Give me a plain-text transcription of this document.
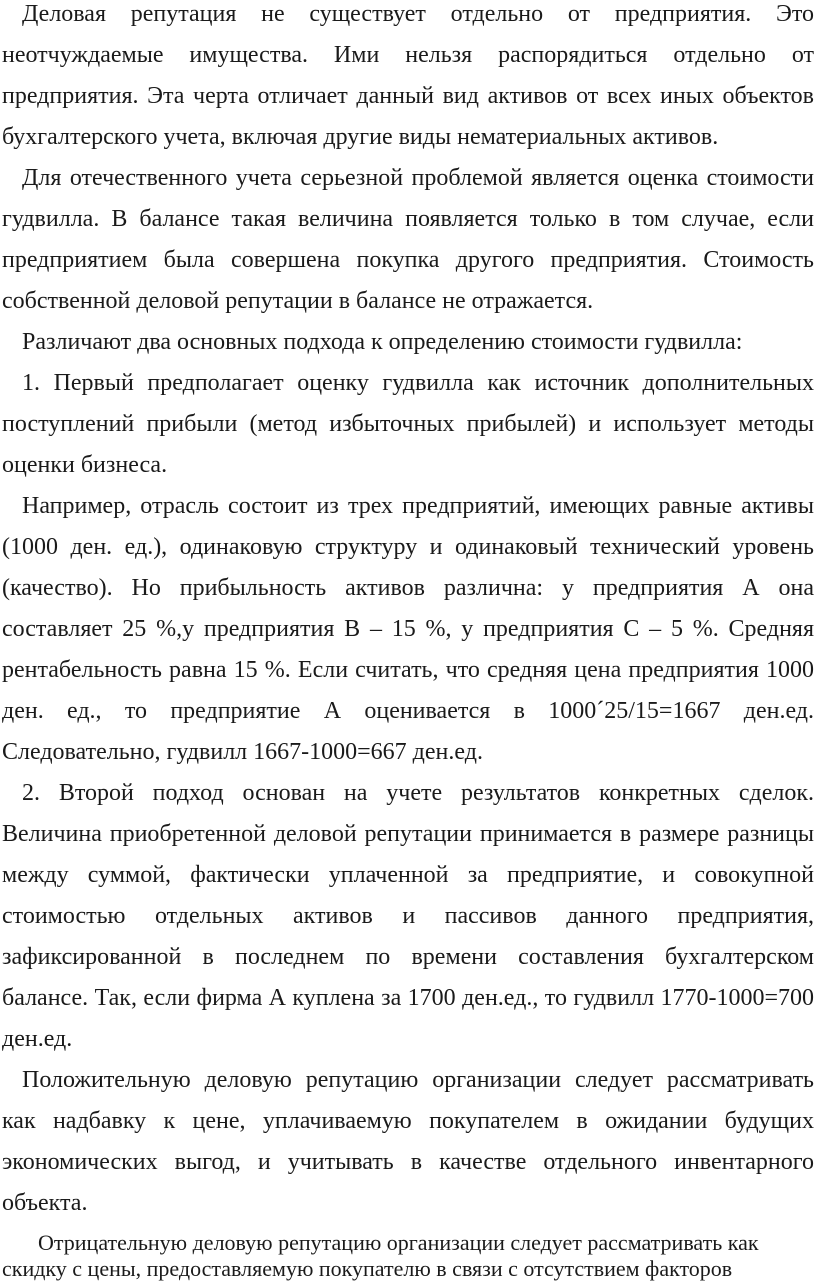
Деловая репутация не существует отдельно от предприятия. Это неотчуждаемые имущества. Ими нельзя распорядиться отдельно от предприятия. Эта черта отличает данный вид активов от всех иных объектов бухгалтерского учета, включая другие виды нематериальных активов.

Для отечественного учета серьезной проблемой является оценка стоимости гудвилла. В балансе такая величина появляется только в том случае, если предприятием была совершена покупка другого предприятия. Стоимость собственной деловой репутации в балансе не отражается.

Различают два основных подхода к определению стоимости гудвилла:

1. Первый предполагает оценку гудвилла как источник дополнительных поступлений прибыли (метод избыточных прибылей) и использует методы оценки бизнеса.

Например, отрасль состоит из трех предприятий, имеющих равные активы (1000 ден. ед.), одинаковую структуру и одинаковый технический уровень (качество). Но прибыльность активов различна: у предприятия А она составляет 25 %,у предприятия В – 15 %, у предприятия С – 5 %. Средняя рентабельность равна 15 %. Если считать, что средняя цена предприятия 1000 ден. ед., то предприятие А оценивается в 1000´25/15=1667 ден.ед. Следовательно, гудвилл 1667-1000=667 ден.ед.

2. Второй подход основан на учете результатов конкретных сделок. Величина приобретенной деловой репутации принимается в размере разницы между суммой, фактически уплаченной за предприятие, и совокупной стоимостью отдельных активов и пассивов данного предприятия, зафиксированной в последнем по времени составления бухгалтерском балансе. Так, если фирма А куплена за 1700 ден.ед., то гудвилл 1770-1000=700 ден.ед.

Положительную деловую репутацию организации следует рассматривать как надбавку к цене, уплачиваемую покупателем в ожидании будущих экономических выгод, и учитывать в качестве отдельного инвентарного объекта.

Отрицательную деловую репутацию организации следует рассматривать как скидку с цены, предоставляемую покупателю в связи с отсутствием факторов
